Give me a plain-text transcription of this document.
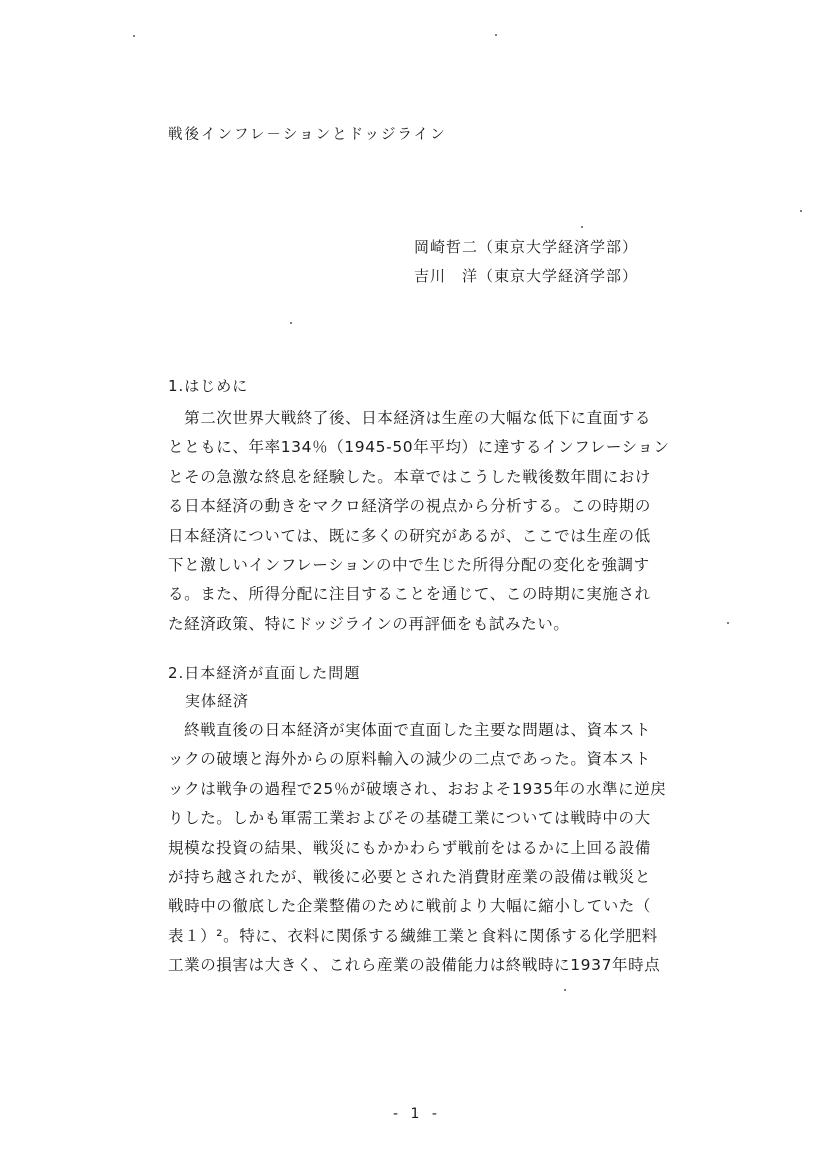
戦後インフレ－ションとドッジライン
岡崎哲二（東京大学経済学部）
吉川　洋（東京大学経済学部）
1.はじめに
　第二次世界大戦終了後、日本経済は生産の大幅な低下に直面する
とともに、年率134％（1945-50年平均）に達するインフレーション
とその急激な終息を経験した。本章ではこうした戦後数年間におけ
る日本経済の動きをマクロ経済学の視点から分析する。この時期の
日本経済については、既に多くの研究があるが、ここでは生産の低
下と激しいインフレーションの中で生じた所得分配の変化を強調す
る。また、所得分配に注目することを通じて、この時期に実施され
た経済政策、特にドッジラインの再評価をも試みたい。
2.日本経済が直面した問題
実体経済
　終戦直後の日本経済が実体面で直面した主要な問題は、資本スト
ックの破壊と海外からの原料輸入の減少の二点であった。資本スト
ックは戦争の過程で25％が破壊され、おおよそ1935年の水準に逆戻
りした。しかも軍需工業およびその基礎工業については戦時中の大
規模な投資の結果、戦災にもかかわらず戦前をはるかに上回る設備
が持ち越されたが、戦後に必要とされた消費財産業の設備は戦災と
戦時中の徹底した企業整備のために戦前より大幅に縮小していた（
表１）²。特に、衣料に関係する繊維工業と食料に関係する化学肥料
工業の損害は大きく、これら産業の設備能力は終戦時に1937年時点
- 1 -
